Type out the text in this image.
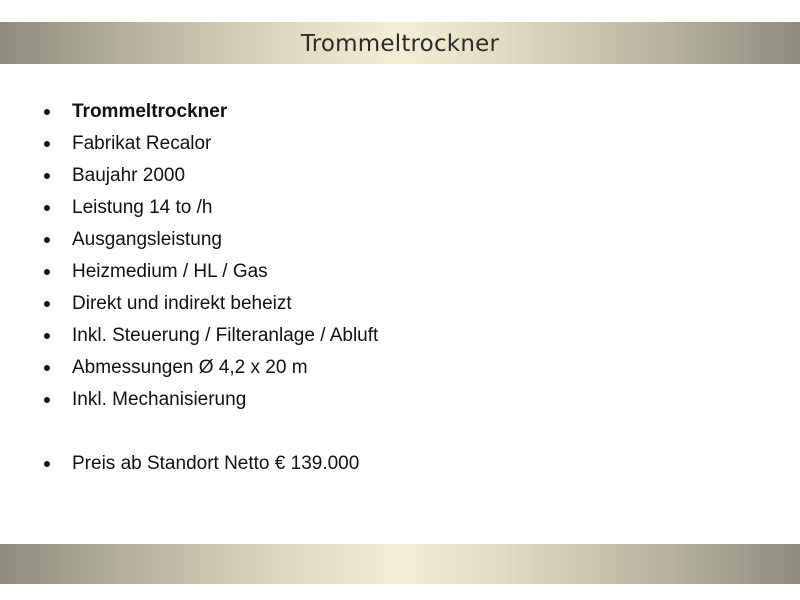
Trommeltrockner
Trommeltrockner
Fabrikat Recalor
Baujahr 2000
Leistung 14 to /h
Ausgangsleistung
Heizmedium / HL / Gas
Direkt und indirekt beheizt
Inkl. Steuerung / Filteranlage / Abluft
Abmessungen Ø 4,2 x 20 m
Inkl. Mechanisierung
Preis ab Standort Netto € 139.000
